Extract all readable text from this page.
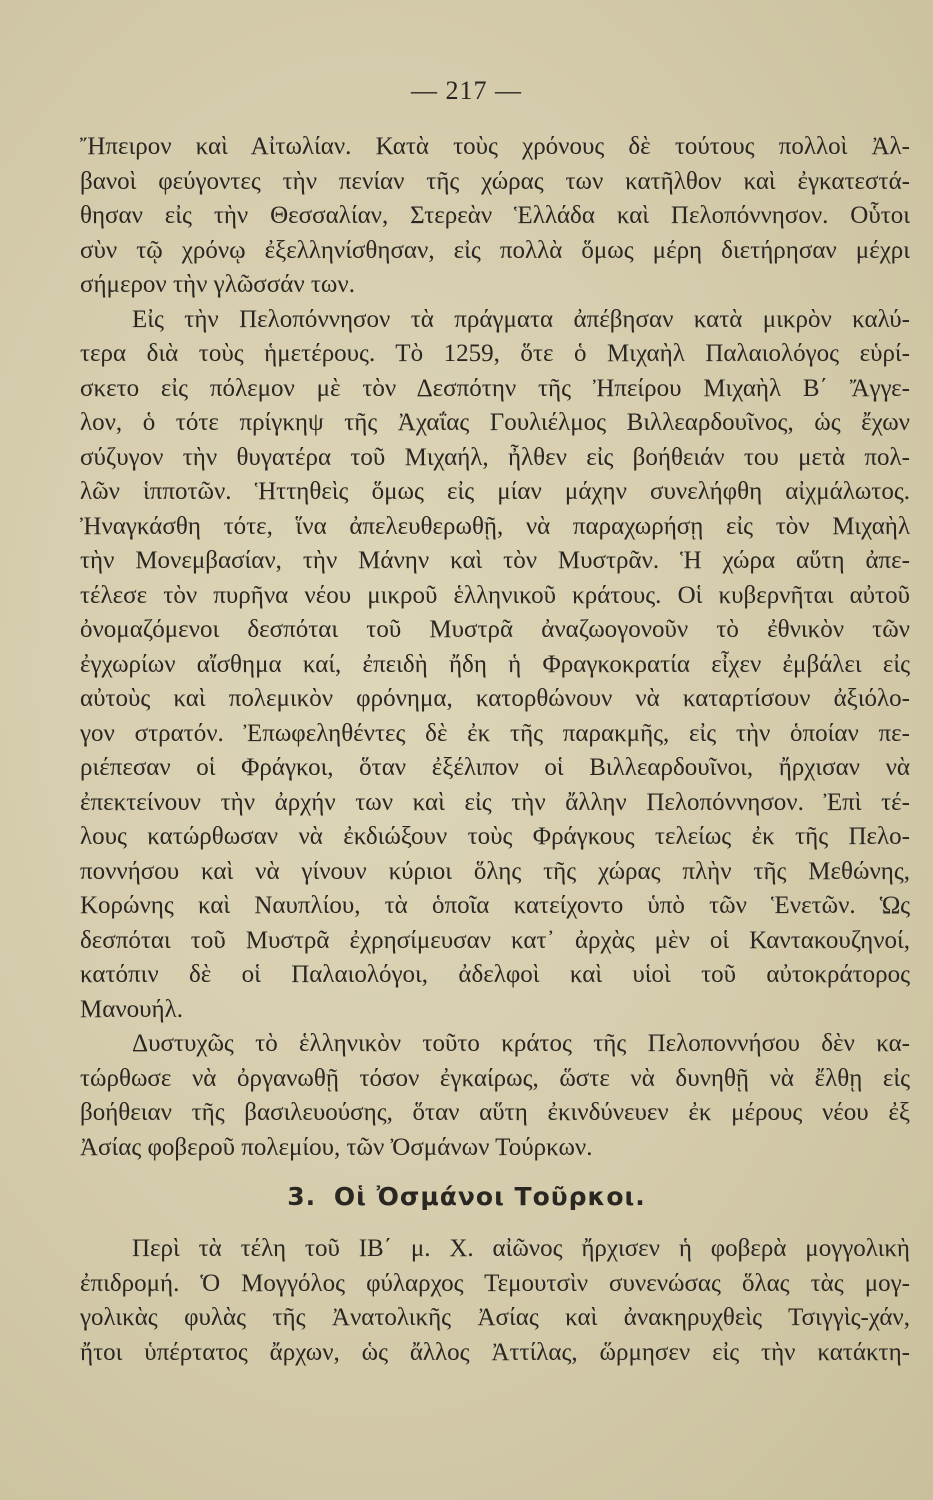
— 217 —
Ἤπειρον καὶ Αἰτωλίαν. Κατὰ τοὺς χρόνους δὲ τούτους πολλοὶ Ἀλ-
βανοὶ φεύγοντες τὴν πενίαν τῆς χώρας των κατῆλθον καὶ ἐγκατεστά-
θησαν εἰς τὴν Θεσσαλίαν, Στερεὰν Ἑλλάδα καὶ Πελοπόννησον. Οὗτοι
σὺν τῷ χρόνῳ ἐξελληνίσθησαν, εἰς πολλὰ ὅμως μέρη διετήρησαν μέχρι
σήμερον τὴν γλῶσσάν των.
Εἰς τὴν Πελοπόννησον τὰ πράγματα ἀπέβησαν κατὰ μικρὸν καλύ-
τερα διὰ τοὺς ἡμετέρους. Τὸ 1259, ὅτε ὁ Μιχαὴλ Παλαιολόγος εὑρί-
σκετο εἰς πόλεμον μὲ τὸν Δεσπότην τῆς Ἠπείρου Μιχαὴλ Β΄ Ἄγγε-
λον, ὁ τότε πρίγκηψ τῆς Ἀχαΐας Γουλιέλμος Βιλλεαρδουῖνος, ὡς ἔχων
σύζυγον τὴν θυγατέρα τοῦ Μιχαήλ, ἦλθεν εἰς βοήθειάν του μετὰ πολ-
λῶν ἱπποτῶν. Ἡττηθεὶς ὅμως εἰς μίαν μάχην συνελήφθη αἰχμάλωτος.
Ἠναγκάσθη τότε, ἵνα ἀπελευθερωθῇ, νὰ παραχωρήσῃ εἰς τὸν Μιχαὴλ
τὴν Μονεμβασίαν, τὴν Μάνην καὶ τὸν Μυστρᾶν. Ἡ χώρα αὕτη ἀπε-
τέλεσε τὸν πυρῆνα νέου μικροῦ ἑλληνικοῦ κράτους. Οἱ κυβερνῆται αὐτοῦ
ὀνομαζόμενοι δεσπόται τοῦ Μυστρᾶ ἀναζωογονοῦν τὸ ἐθνικὸν τῶν
ἐγχωρίων αἴσθημα καί, ἐπειδὴ ἤδη ἡ Φραγκοκρατία εἶχεν ἐμβάλει εἰς
αὐτοὺς καὶ πολεμικὸν φρόνημα, κατορθώνουν νὰ καταρτίσουν ἀξιόλο-
γον στρατόν. Ἐπωφεληθέντες δὲ ἐκ τῆς παρακμῆς, εἰς τὴν ὁποίαν πε-
ριέπεσαν οἱ Φράγκοι, ὅταν ἐξέλιπον οἱ Βιλλεαρδουῖνοι, ἤρχισαν νὰ
ἐπεκτείνουν τὴν ἀρχήν των καὶ εἰς τὴν ἄλλην Πελοπόννησον. Ἐπὶ τέ-
λους κατώρθωσαν νὰ ἐκδιώξουν τοὺς Φράγκους τελείως ἐκ τῆς Πελο-
ποννήσου καὶ νὰ γίνουν κύριοι ὅλης τῆς χώρας πλὴν τῆς Μεθώνης,
Κορώνης καὶ Ναυπλίου, τὰ ὁποῖα κατείχοντο ὑπὸ τῶν Ἑνετῶν. Ὡς
δεσπόται τοῦ Μυστρᾶ ἐχρησίμευσαν κατ᾽ ἀρχὰς μὲν οἱ Καντακουζηνοί,
κατόπιν δὲ οἱ Παλαιολόγοι, ἀδελφοὶ καὶ υἱοὶ τοῦ αὐτοκράτορος
Μανουήλ.
Δυστυχῶς τὸ ἑλληνικὸν τοῦτο κράτος τῆς Πελοποννήσου δὲν κα-
τώρθωσε νὰ ὀργανωθῇ τόσον ἐγκαίρως, ὥστε νὰ δυνηθῇ νὰ ἔλθῃ εἰς
βοήθειαν τῆς βασιλευούσης, ὅταν αὕτη ἐκινδύνευεν ἐκ μέρους νέου ἐξ
Ἀσίας φοβεροῦ πολεμίου, τῶν Ὀσμάνων Τούρκων.
3. Οἱ Ὀσμάνοι Τοῦρκοι.
Περὶ τὰ τέλη τοῦ ΙΒ΄ μ. Χ. αἰῶνος ἤρχισεν ἡ φοβερὰ μογγολικὴ
ἐπιδρομή. Ὁ Μογγόλος φύλαρχος Τεμουτσὶν συνενώσας ὅλας τὰς μογ-
γολικὰς φυλὰς τῆς Ἀνατολικῆς Ἀσίας καὶ ἀνακηρυχθεὶς Τσιγγὶς-χάν,
ἤτοι ὑπέρτατος ἄρχων, ὡς ἄλλος Ἀττίλας, ὥρμησεν εἰς τὴν κατάκτη-
